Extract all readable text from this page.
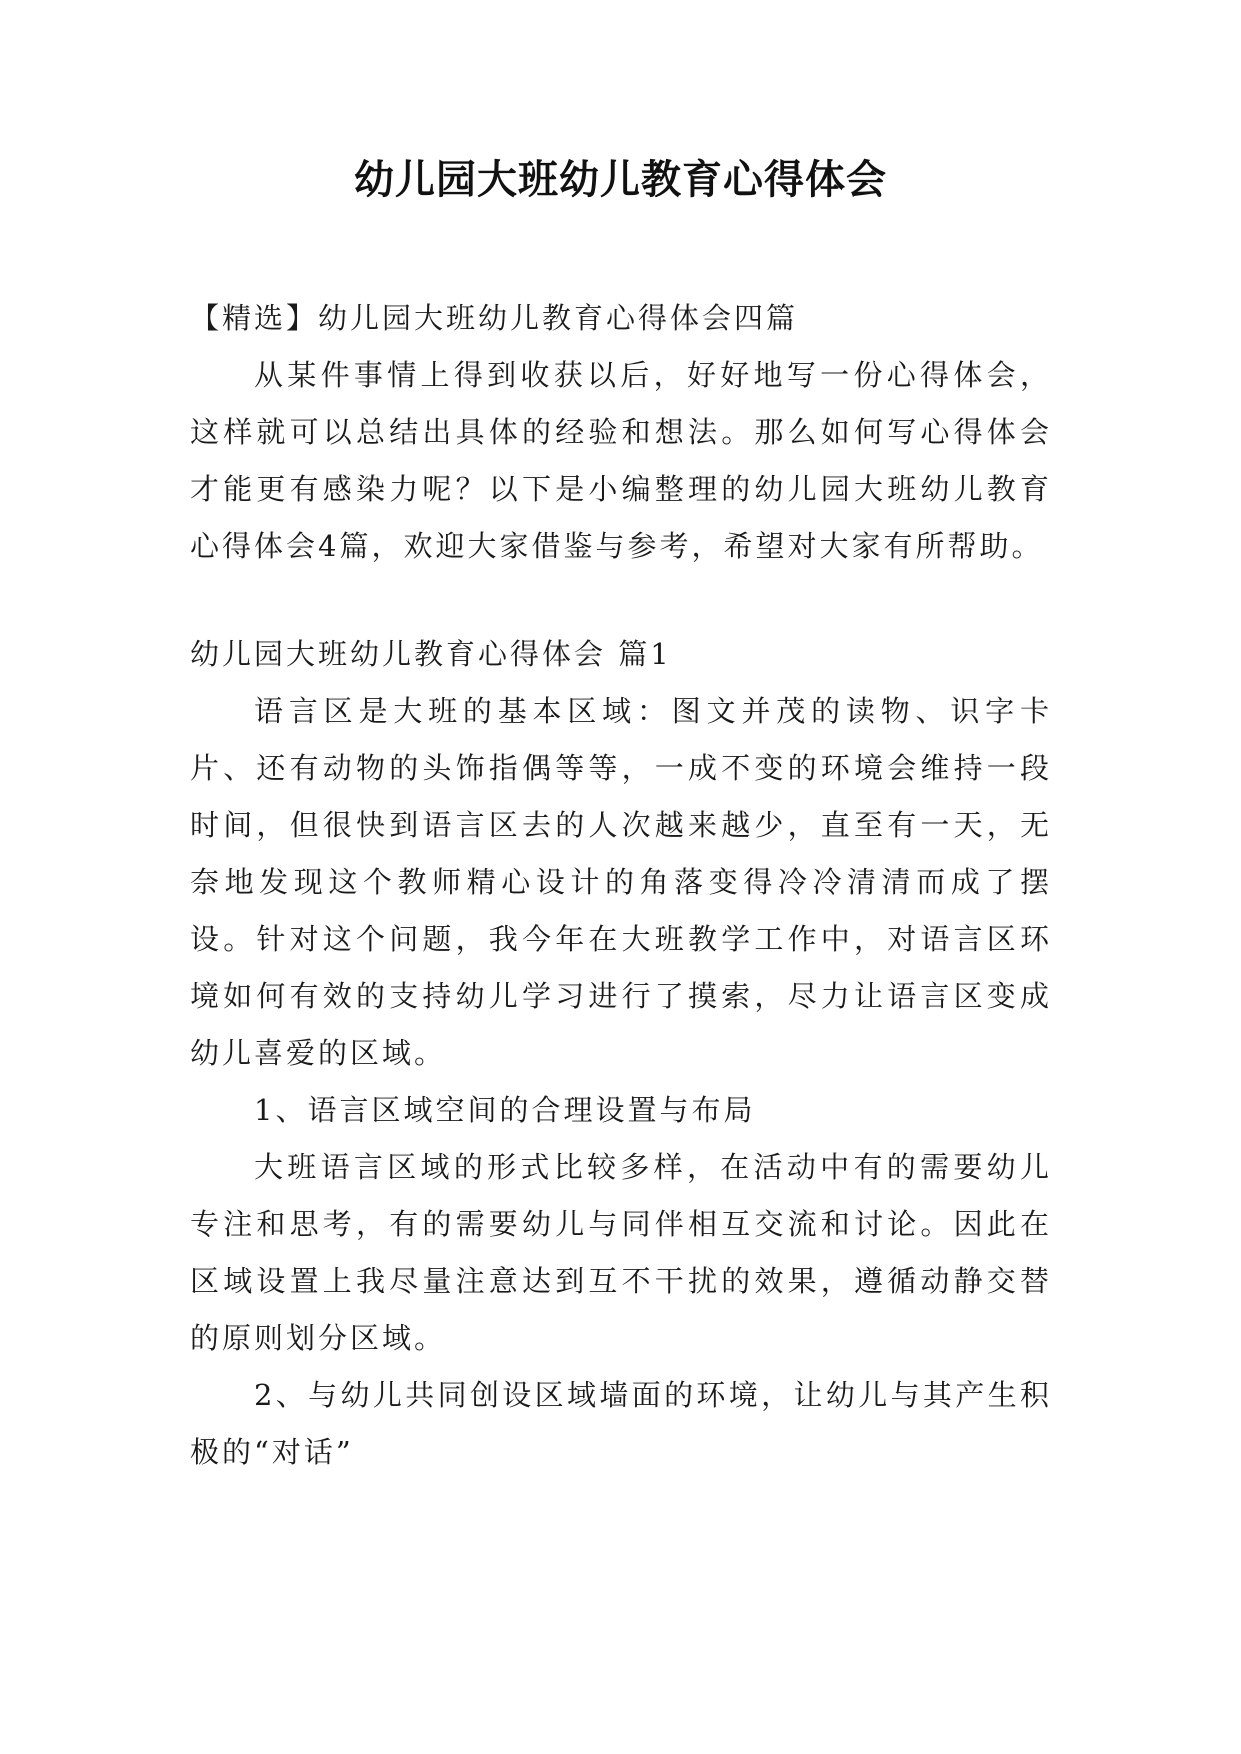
幼儿园大班幼儿教育心得体会

【精选】幼儿园大班幼儿教育心得体会四篇

从某件事情上得到收获以后，好好地写一份心得体会，这样就可以总结出具体的经验和想法。那么如何写心得体会才能更有感染力呢？以下是小编整理的幼儿园大班幼儿教育心得体会4篇，欢迎大家借鉴与参考，希望对大家有所帮助。

幼儿园大班幼儿教育心得体会 篇1

语言区是大班的基本区域：图文并茂的读物、识字卡片、还有动物的头饰指偶等等，一成不变的环境会维持一段时间，但很快到语言区去的人次越来越少，直至有一天，无奈地发现这个教师精心设计的角落变得冷冷清清而成了摆设。针对这个问题，我今年在大班教学工作中，对语言区环境如何有效的支持幼儿学习进行了摸索，尽力让语言区变成幼儿喜爱的区域。

1、语言区域空间的合理设置与布局

大班语言区域的形式比较多样，在活动中有的需要幼儿专注和思考，有的需要幼儿与同伴相互交流和讨论。因此在区域设置上我尽量注意达到互不干扰的效果，遵循动静交替的原则划分区域。

2、与幼儿共同创设区域墙面的环境，让幼儿与其产生积极的“对话”
